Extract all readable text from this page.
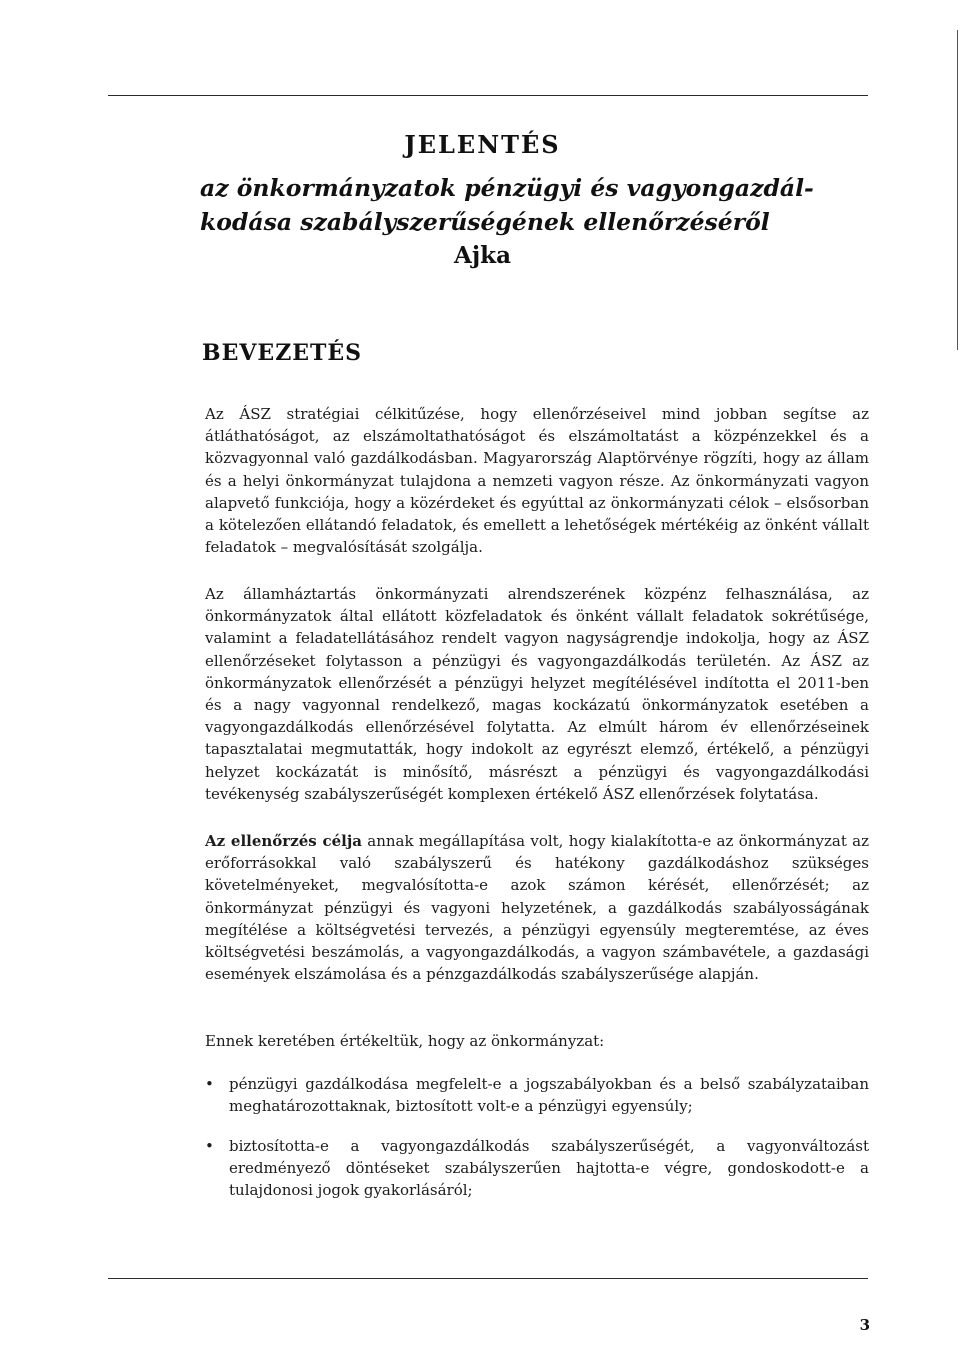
JELENTÉS
az önkormányzatok pénzügyi és vagyongazdál-
kodása szabályszerűségének ellenőrzéséről
Ajka
BEVEZETÉS

Az ÁSZ stratégiai célkitűzése, hogy ellenőrzéseivel mind jobban segítse az átláthatóságot, az elszámoltathatóságot és elszámoltatást a közpénzekkel és a közvagyonnal való gazdálkodásban. Magyarország Alaptörvénye rögzíti, hogy az állam és a helyi önkormányzat tulajdona a nemzeti vagyon része. Az önkormányzati vagyon alapvető funkciója, hogy a közérdeket és egyúttal az önkormányzati célok – elsősorban a kötelezően ellátandó feladatok, és emellett a lehetőségek mértékéig az önként vállalt feladatok – megvalósítását szolgálja.

Az államháztartás önkormányzati alrendszerének közpénz felhasználása, az önkormányzatok által ellátott közfeladatok és önként vállalt feladatok sokrétűsége, valamint a feladatellátásához rendelt vagyon nagyságrendje indokolja, hogy az ÁSZ ellenőrzéseket folytasson a pénzügyi és vagyongazdálkodás területén. Az ÁSZ az önkormányzatok ellenőrzését a pénzügyi helyzet megítélésével indította el 2011-ben és a nagy vagyonnal rendelkező, magas kockázatú önkormányzatok esetében a vagyongazdálkodás ellenőrzésével folytatta. Az elmúlt három év ellenőrzéseinek tapasztalatai megmutatták, hogy indokolt az egyrészt elemző, értékelő, a pénzügyi helyzet kockázatát is minősítő, másrészt a pénzügyi és vagyongazdálkodási tevékenység szabályszerűségét komplexen értékelő ÁSZ ellenőrzések folytatása.

Az ellenőrzés célja annak megállapítása volt, hogy kialakította-e az önkormányzat az erőforrásokkal való szabályszerű és hatékony gazdálkodáshoz szükséges követelményeket, megvalósította-e azok számon kérését, ellenőrzését; az önkormányzat pénzügyi és vagyoni helyzetének, a gazdálkodás szabályosságának megítélése a költségvetési tervezés, a pénzügyi egyensúly megteremtése, az éves költségvetési beszámolás, a vagyongazdálkodás, a vagyon számbavétele, a gazdasági események elszámolása és a pénzgazdálkodás szabályszerűsége alapján.

Ennek keretében értékeltük, hogy az önkormányzat:

•	pénzügyi gazdálkodása megfelelt-e a jogszabályokban és a belső szabályzataiban meghatározottaknak, biztosított volt-e a pénzügyi egyensúly;
•	biztosította-e a vagyongazdálkodás szabályszerűségét, a vagyonváltozást eredményező döntéseket szabályszerűen hajtotta-e végre, gondoskodott-e a tulajdonosi jogok gyakorlásáról;
3
